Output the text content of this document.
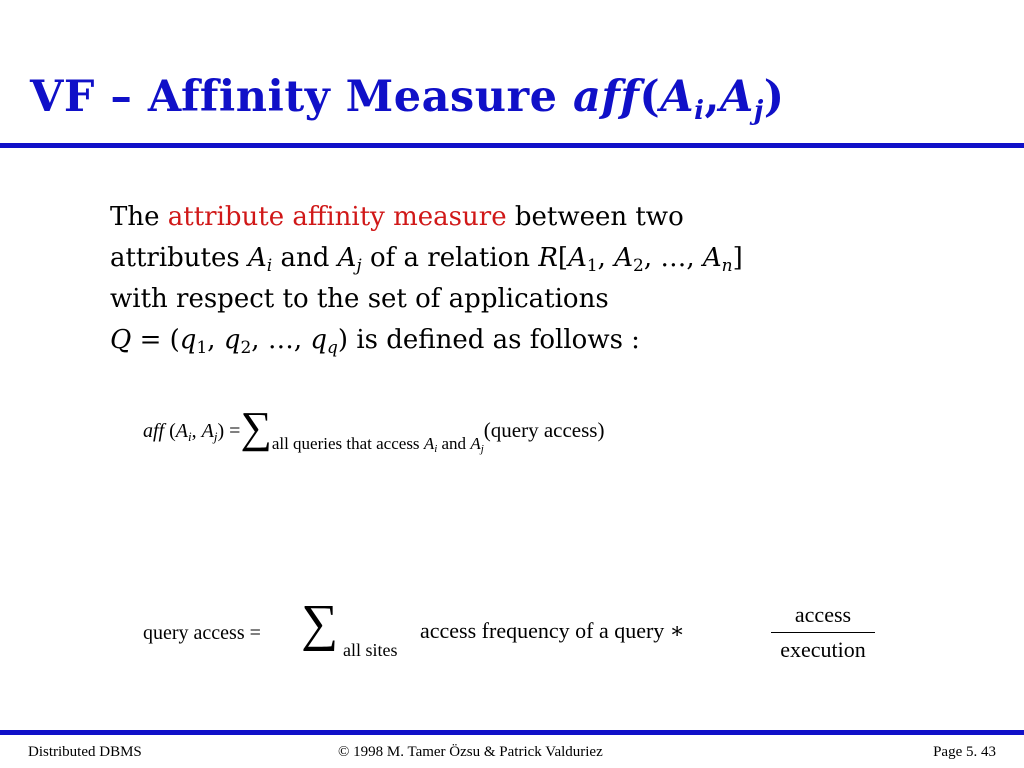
VF – Affinity Measure $aff(A_i,A_j)$
The attribute affinity measure between two
attributes $A_i$ and $A_j$ of a relation $R[A_1$, $A_2$, …, $A_n$]
with respect to the set of applications
$Q = (q_1$, $q_2$, …, $q_q$) is defined as follows :
aff ($A_i$, $A_j$) $=\sum_{all queries that access A_i and A_j}(query$ access)
query access = ∑ all sites
access frequency of a query ∗
access
execution
Distributed DBMS	© 1998 M. Tamer Özsu & Patrick Valduriez	Page 5. 43
